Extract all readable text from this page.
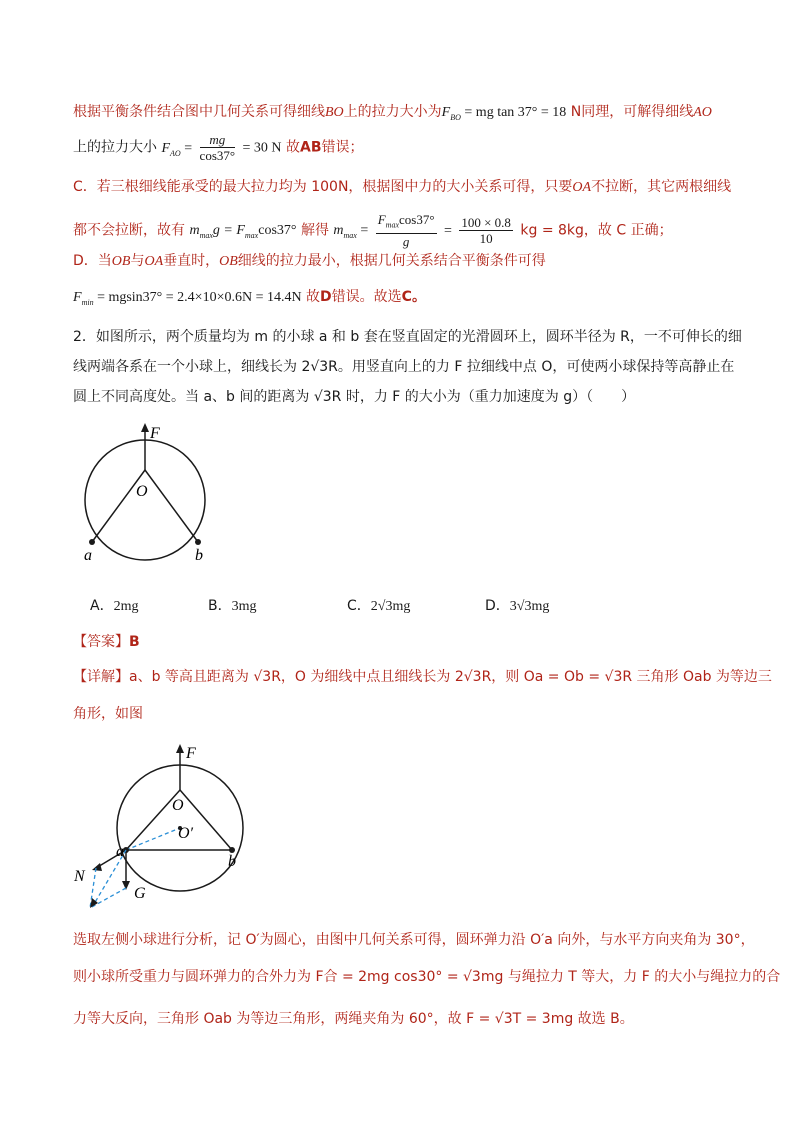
根据平衡条件结合图中几何关系可得细线BO上的拉力大小为$F_{BO}$ = mg tan 37° = 18 N同理，可解得细线AO
上的拉力大小 $F_{AO} = \frac{mg}{\cos 37^\circ} = 30$ N 故AB错误；
C．若三根细线能承受的最大拉力均为 100N，根据图中力的大小关系可得，只要OA不拉断，其它两根细线
都不会拉断，故有 $m_{max}g = F_{max}\cos 37^\circ$ 解得 $m_{max} = \frac{F_{max}\cos 37^\circ}{g} = \frac{100 \times 0.8}{10}$ kg = 8kg，故 C 正确；
D．当OB与OA垂直时，OB细线的拉力最小，根据几何关系结合平衡条件可得
$F_{min} = mgsin37^\circ = 2.4\times 10\times 0.6N = 14.4N$ 故D错误。故选C。
2．如图所示，两个质量均为 m 的小球 a 和 b 套在竖直固定的光滑圆环上，圆环半径为 R，一不可伸长的细
线两端各系在一个小球上，细线长为 2√3R。用竖直向上的力 F 拉细线中点 O，可使两小球保持等高静止在
圆上不同高度处。当 a、b 间的距离为 √3R 时，力 F 的大小为（重力加速度为 g）（　　）
F
O
a	b
A．2mg	B．3mg	C．2√3mg	D．3√3mg
【答案】B
【详解】a、b 等高且距离为 √3R，O 为细线中点且细线长为 2√3R，则 Oa = Ob = √3R 三角形 Oab 为等边三
角形，如图
F
O
O′
a
b
N
G
选取左侧小球进行分析，记 O′为圆心，由图中几何关系可得，圆环弹力沿 O′a 向外，与水平方向夹角为 30°，
则小球所受重力与圆环弹力的合外力为 F合 = 2mg cos30° = √3mg 与绳拉力 T 等大，力 F 的大小与绳拉力的合
力等大反向，三角形 Oab 为等边三角形，两绳夹角为 60°，故 F = √3T = 3mg 故选 B。
